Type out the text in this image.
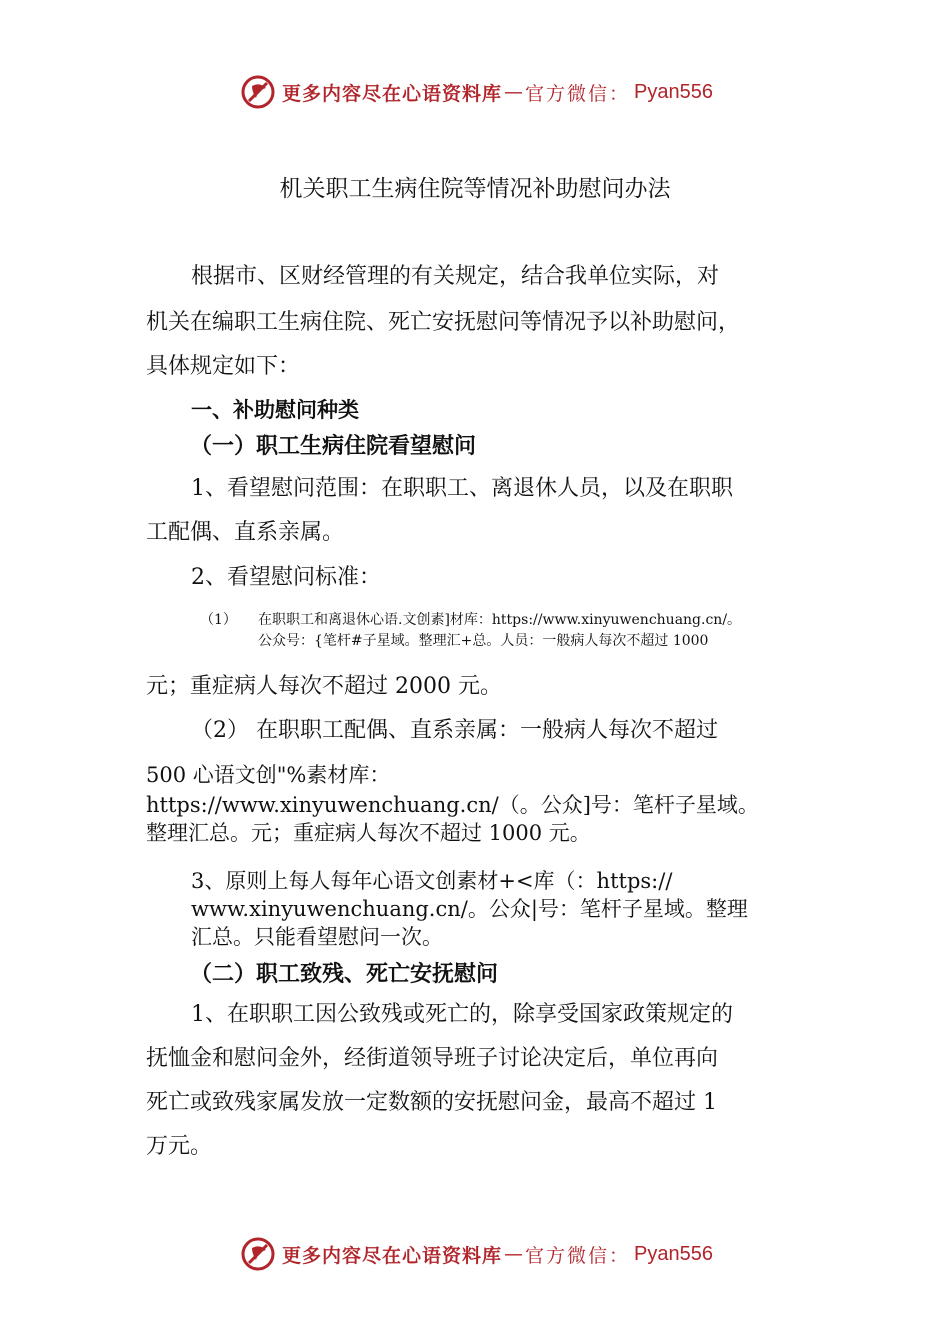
更多内容尽在心语资料库 — 官方微信： Pyan556
机关职工生病住院等情况补助慰问办法
根据市、区财经管理的有关规定，结合我单位实际，对
机关在编职工生病住院、死亡安抚慰问等情况予以补助慰问，
具体规定如下：
一、补助慰问种类
（一）职工生病住院看望慰问
1、看望慰问范围：在职职工、离退休人员，以及在职职
工配偶、直系亲属。
2、看望慰问标准：
（1）	在职职工和离退休心语.文创素]材库：https://www.xinyuwenchuang.cn/。
公众号：{笔杆#子星域。整理汇+总。人员：一般病人每次不超过 1000
元；重症病人每次不超过 2000 元。
（2） 在职职工配偶、直系亲属：一般病人每次不超过
500 心语文创"%素材库：
https://www.xinyuwenchuang.cn/（。公众]号：笔杆子星域。
整理汇总。元；重症病人每次不超过 1000 元。
3、原则上每人每年心语文创素材+<库（：https://
www.xinyuwenchuang.cn/。公众|号：笔杆子星域。整理
汇总。只能看望慰问一次。
（二）职工致残、死亡安抚慰问
1、在职职工因公致残或死亡的，除享受国家政策规定的
抚恤金和慰问金外，经街道领导班子讨论决定后，单位再向
死亡或致残家属发放一定数额的安抚慰问金，最高不超过 1
万元。
更多内容尽在心语资料库 — 官方微信： Pyan556
